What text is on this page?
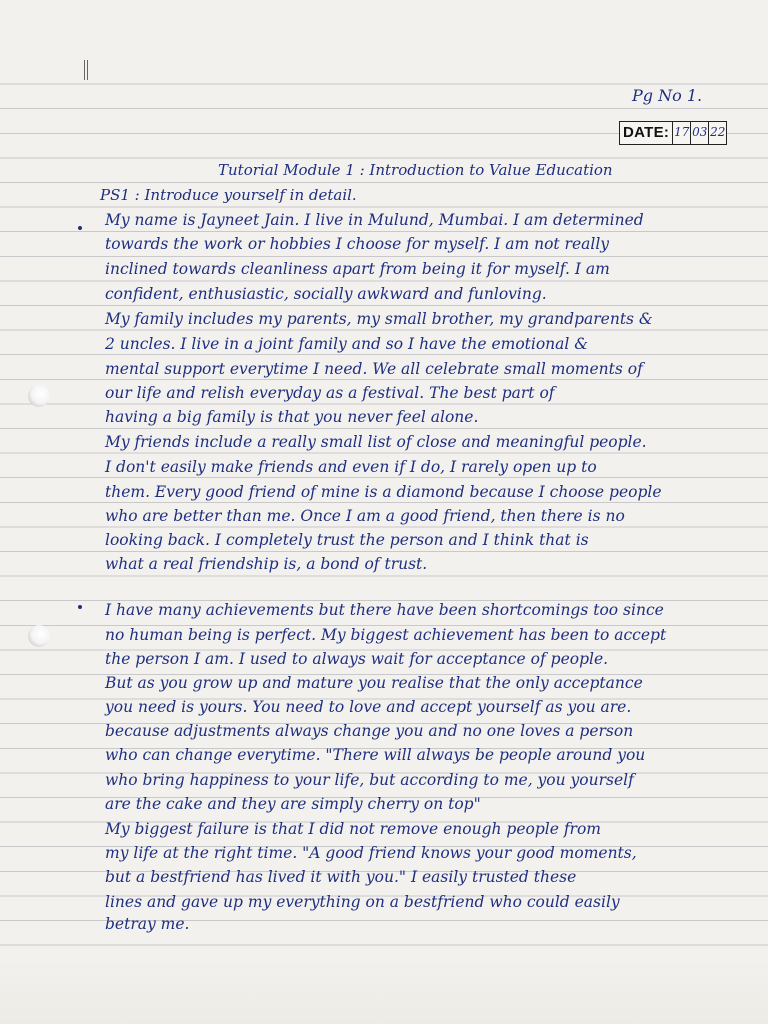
Pg No 1.
DATE: 17 03 22
Tutorial Module 1 : Introduction to Value Education
PS1 : Introduce yourself in detail.
My name is Jayneet Jain. I live in Mulund, Mumbai. I am determined
towards the work or hobbies I choose for myself. I am not really
inclined towards cleanliness apart from being it for myself. I am
confident, enthusiastic, socially awkward and funloving.
My family includes my parents, my small brother, my grandparents &
2 uncles. I live in a joint family and so I have the emotional &
mental support everytime I need. We all celebrate small moments of
our life and relish everyday as a festival. The best part of
having a big family is that you never feel alone.
My friends include a really small list of close and meaningful people.
I don't easily make friends and even if I do, I rarely open up to
them. Every good friend of mine is a diamond because I choose people
who are better than me. Once I am a good friend, then there is no
looking back. I completely trust the person and I think that is
what a real friendship is, a bond of trust.
I have many achievements but there have been shortcomings too since
no human being is perfect. My biggest achievement has been to accept
the person I am. I used to always wait for acceptance of people.
But as you grow up and mature you realise that the only acceptance
you need is yours. You need to love and accept yourself as you are.
because adjustments always change you and no one loves a person
who can change everytime. "There will always be people around you
who bring happiness to your life, but according to me, you yourself
are the cake and they are simply cherry on top"
My biggest failure is that I did not remove enough people from
my life at the right time. "A good friend knows your good moments,
but a bestfriend has lived it with you." I easily trusted these
lines and gave up my everything on a bestfriend who could easily
betray me.
